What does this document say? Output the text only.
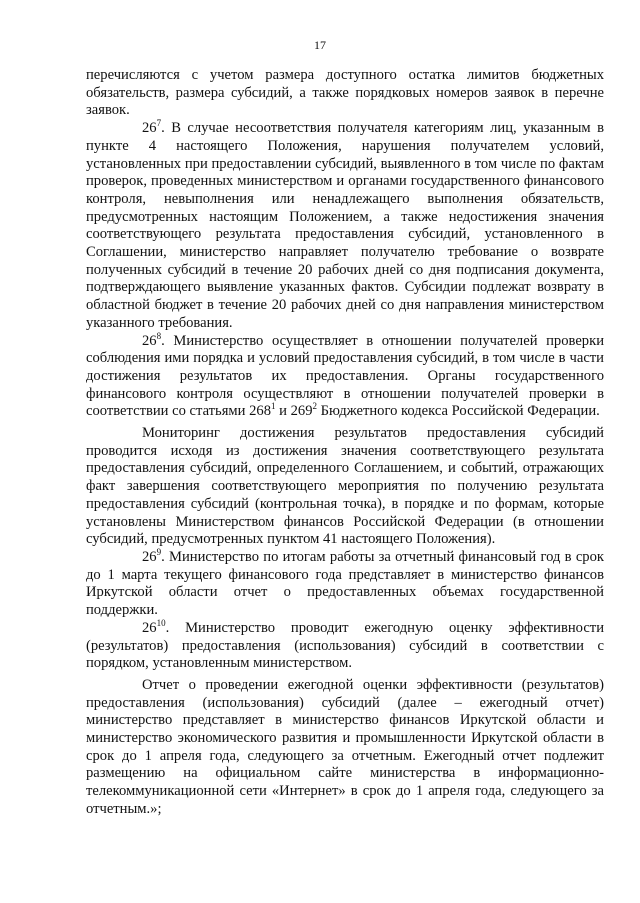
17

перечисляются с учетом размера доступного остатка лимитов бюджетных обязательств, размера субсидий, а также порядковых номеров заявок в перечне заявок.

$26^7$. В случае несоответствия получателя категориям лиц, указанным в пункте 4 настоящего Положения, нарушения получателем условий, установленных при предоставлении субсидий, выявленного в том числе по фактам проверок, проведенных министерством и органами государственного финансового контроля, невыполнения или ненадлежащего выполнения обязательств, предусмотренных настоящим Положением, а также недостижения значения соответствующего результата предоставления субсидий, установленного в Соглашении, министерство направляет получателю требование о возврате полученных субсидий в течение 20 рабочих дней со дня подписания документа, подтверждающего выявление указанных фактов. Субсидии подлежат возврату в областной бюджет в течение 20 рабочих дней со дня направления министерством указанного требования.

$26^8$. Министерство осуществляет в отношении получателей проверки соблюдения ими порядка и условий предоставления субсидий, в том числе в части достижения результатов их предоставления. Органы государственного финансового контроля осуществляют в отношении получателей проверки в соответствии со статьями $268^1$ и $269^2$ Бюджетного кодекса Российской Федерации.

Мониторинг достижения результатов предоставления субсидий проводится исходя из достижения значения соответствующего результата предоставления субсидий, определенного Соглашением, и событий, отражающих факт завершения соответствующего мероприятия по получению результата предоставления субсидий (контрольная точка), в порядке и по формам, которые установлены Министерством финансов Российской Федерации (в отношении субсидий, предусмотренных пунктом 41 настоящего Положения).

$26^9$. Министерство по итогам работы за отчетный финансовый год в срок до 1 марта текущего финансового года представляет в министерство финансов Иркутской области отчет о предоставленных объемах государственной поддержки.

$26^{10}$. Министерство проводит ежегодную оценку эффективности (результатов) предоставления (использования) субсидий в соответствии с порядком, установленным министерством.

Отчет о проведении ежегодной оценки эффективности (результатов) предоставления (использования) субсидий (далее – ежегодный отчет) министерство представляет в министерство финансов Иркутской области и министерство экономического развития и промышленности Иркутской области в срок до 1 апреля года, следующего за отчетным. Ежегодный отчет подлежит размещению на официальном сайте министерства в информационно-телекоммуникационной сети «Интернет» в срок до 1 апреля года, следующего за отчетным.»;
